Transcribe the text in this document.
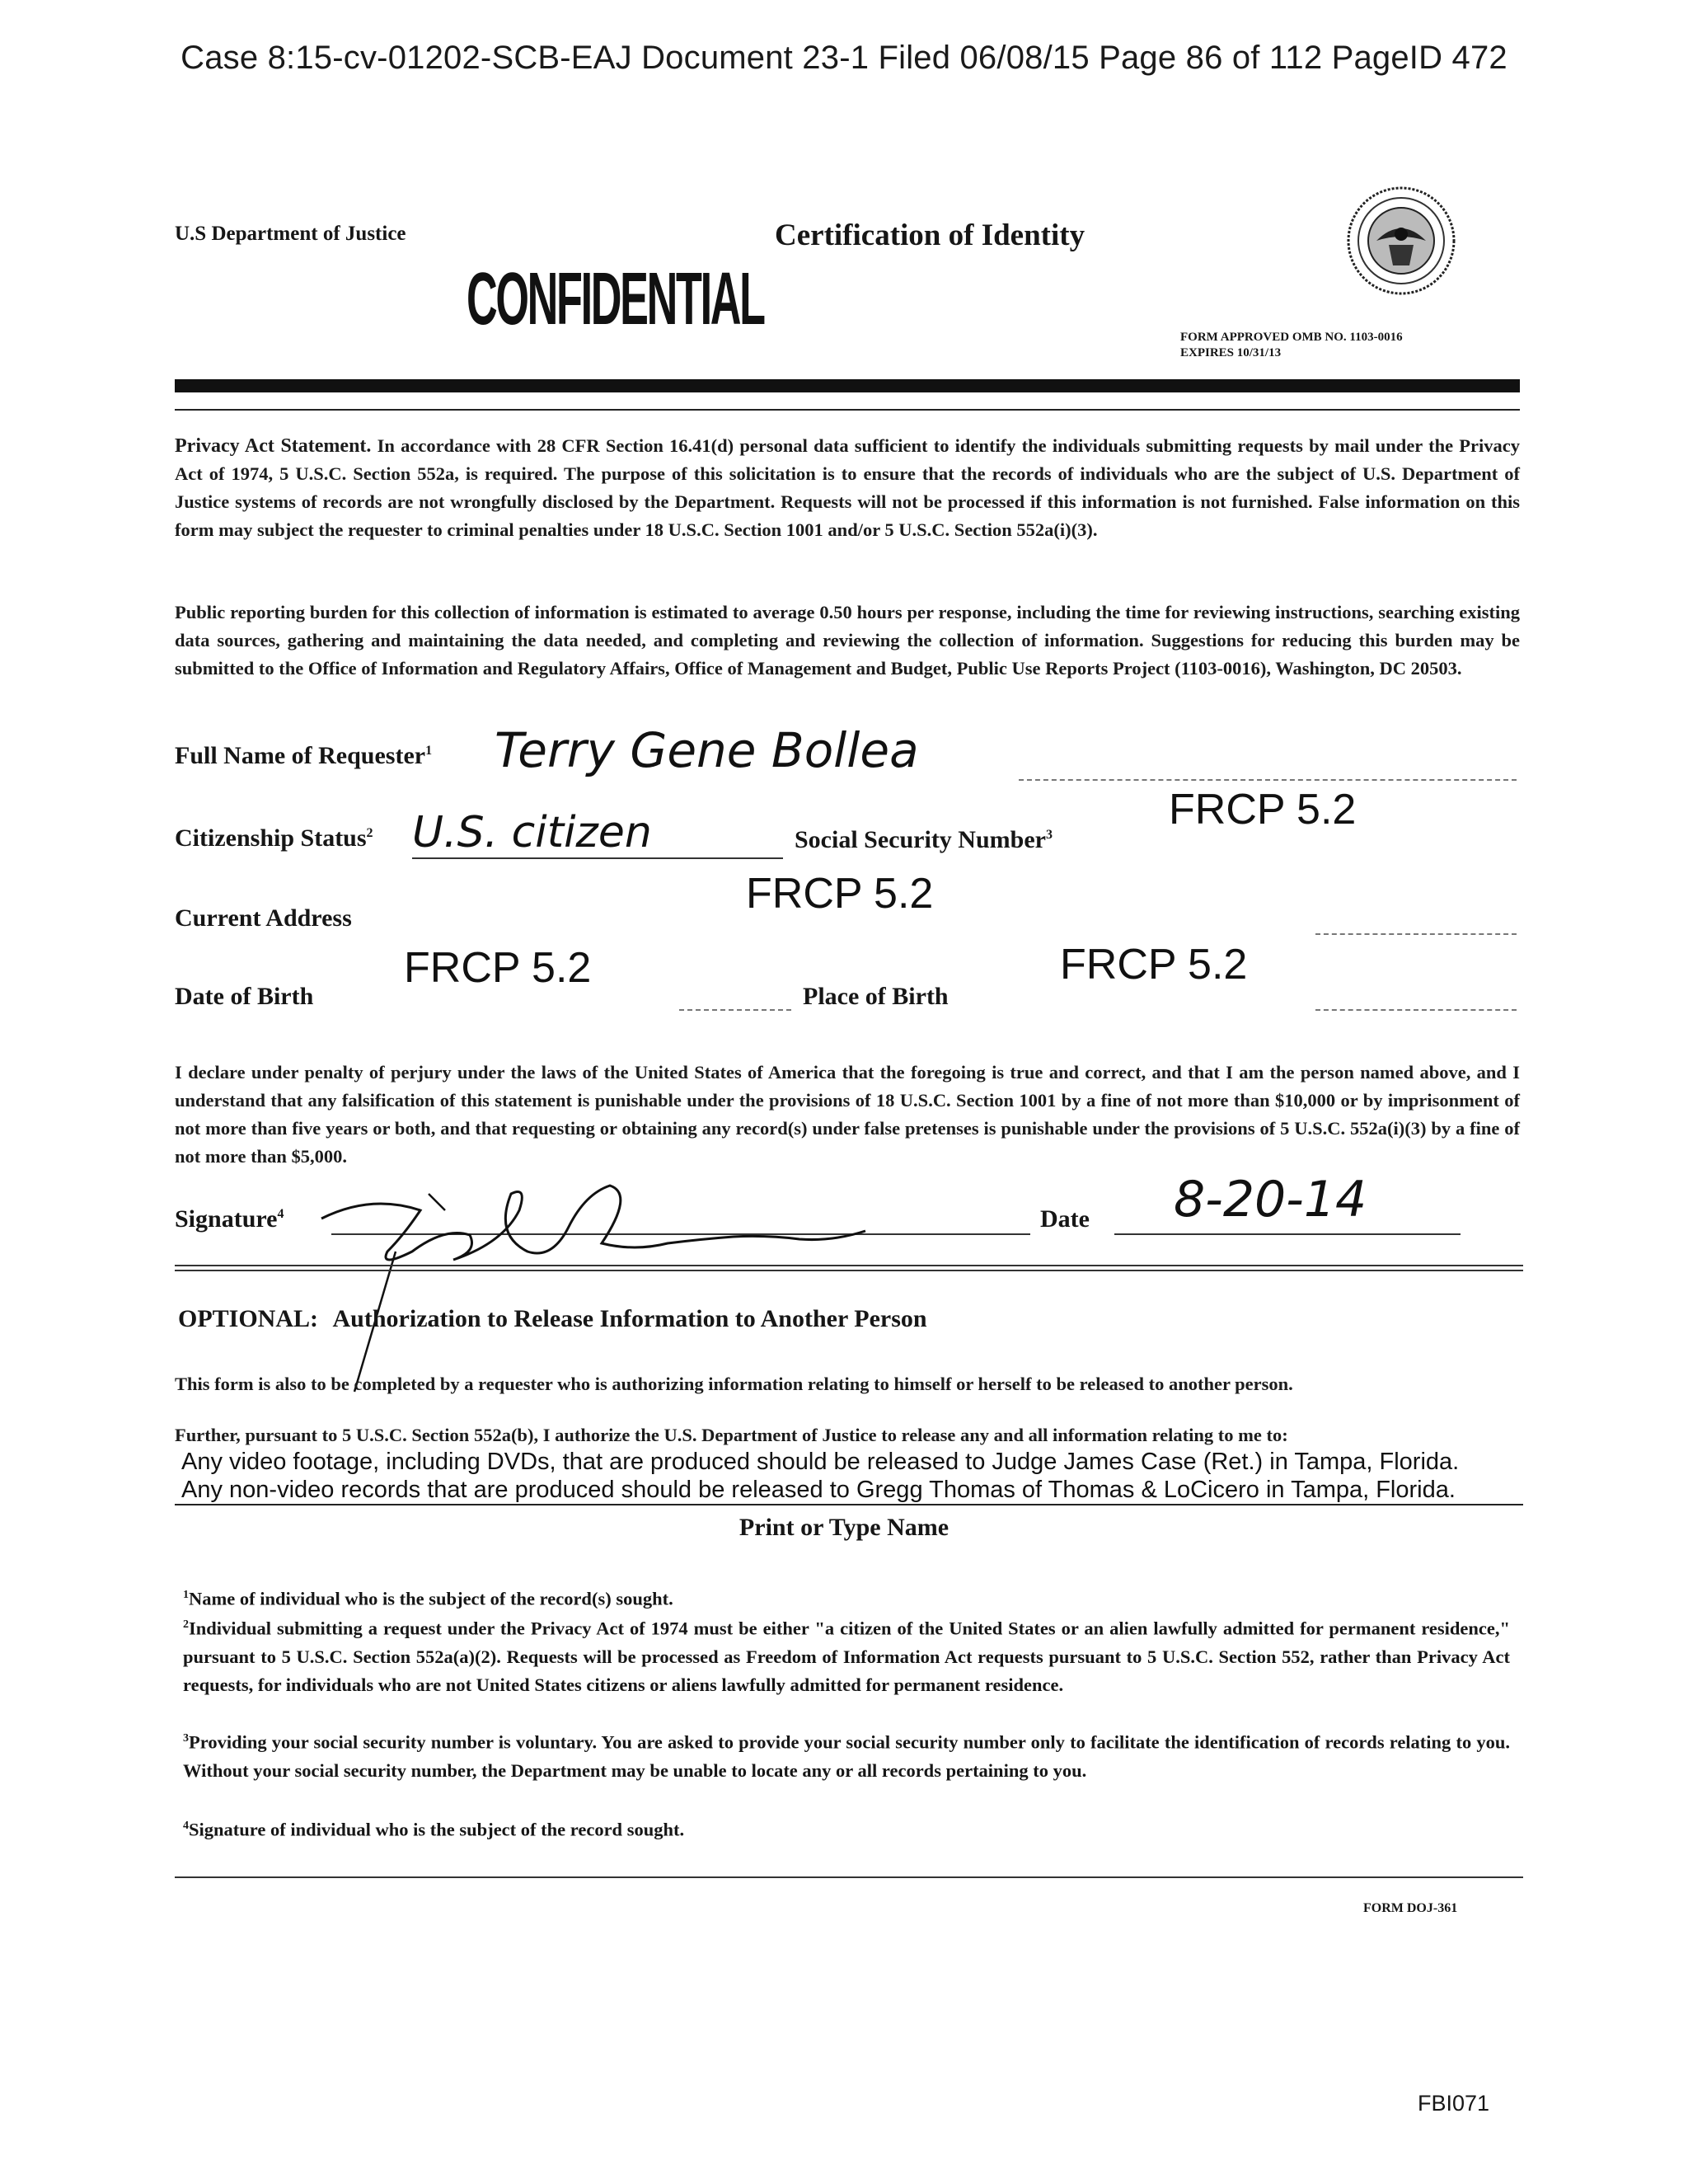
Case 8:15-cv-01202-SCB-EAJ Document 23-1 Filed 06/08/15 Page 86 of 112 PageID 472
U.S Department of Justice
CONFIDENTIAL
Certification of Identity
FORM APPROVED OMB NO. 1103-0016
EXPIRES 10/31/13
Privacy Act Statement. In accordance with 28 CFR Section 16.41(d) personal data sufficient to identify the individuals submitting requests by mail under the Privacy Act of 1974, 5 U.S.C. Section 552a, is required. The purpose of this solicitation is to ensure that the records of individuals who are the subject of U.S. Department of Justice systems of records are not wrongfully disclosed by the Department. Requests will not be processed if this information is not furnished. False information on this form may subject the requester to criminal penalties under 18 U.S.C. Section 1001 and/or 5 U.S.C. Section 552a(i)(3).
Public reporting burden for this collection of information is estimated to average 0.50 hours per response, including the time for reviewing instructions, searching existing data sources, gathering and maintaining the data needed, and completing and reviewing the collection of information. Suggestions for reducing this burden may be submitted to the Office of Information and Regulatory Affairs, Office of Management and Budget, Public Use Reports Project (1103-0016), Washington, DC 20503.
Full Name of Requester$^1$ Terry Gene Bollea
Citizenship Status$^2$ U.S. citizen	Social Security Number$^3$
FRCP 5.2
Current Address
FRCP 5.2
Date of Birth
FRCP 5.2
Place of Birth
FRCP 5.2
I declare under penalty of perjury under the laws of the United States of America that the foregoing is true and correct, and that I am the person named above, and I understand that any falsification of this statement is punishable under the provisions of 18 U.S.C. Section 1001 by a fine of not more than $10,000 or by imprisonment of not more than five years or both, and that requesting or obtaining any record(s) under false pretenses is punishable under the provisions of 5 U.S.C. 552a(i)(3) by a fine of not more than $5,000.
Signature$^4$	Date 8-20-14
OPTIONAL: Authorization to Release Information to Another Person
This form is also to be completed by a requester who is authorizing information relating to himself or herself to be released to another person.
Further, pursuant to 5 U.S.C. Section 552a(b), I authorize the U.S. Department of Justice to release any and all information relating to me to:
Any video footage, including DVDs, that are produced should be released to Judge James Case (Ret.) in Tampa, Florida.
Any non-video records that are produced should be released to Gregg Thomas of Thomas & LoCicero in Tampa, Florida.
Print or Type Name
$^1$Name of individual who is the subject of the record(s) sought.
$^2$Individual submitting a request under the Privacy Act of 1974 must be either "a citizen of the United States or an alien lawfully admitted for permanent residence," pursuant to 5 U.S.C. Section 552a(a)(2). Requests will be processed as Freedom of Information Act requests pursuant to 5 U.S.C. Section 552, rather than Privacy Act requests, for individuals who are not United States citizens or aliens lawfully admitted for permanent residence.
$^3$Providing your social security number is voluntary. You are asked to provide your social security number only to facilitate the identification of records relating to you. Without your social security number, the Department may be unable to locate any or all records pertaining to you.
$^4$Signature of individual who is the subject of the record sought.
FORM DOJ-361
FBI071
